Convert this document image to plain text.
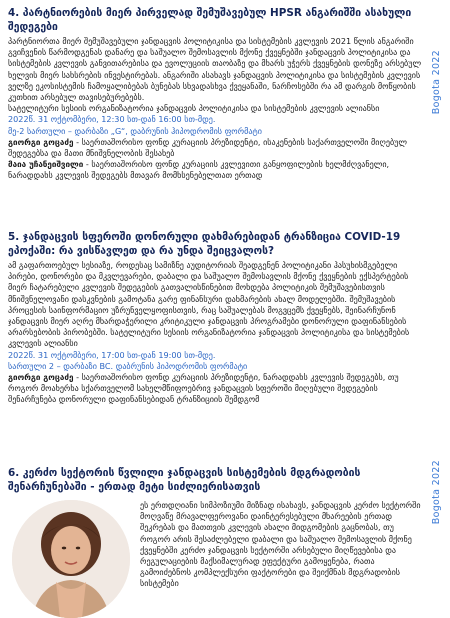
4. პარტნიორების მიერ პირველად შემუშავებულ HPSR ანგარიშში ასახული შედეგები

პარტნიორთა მიერ შემუშავებული ჯანდაცვის პოლიტიკისა და სისტემების კვლევის 2021 წლის ანგარიში გვიჩვენის წარმოდგენას დანარე და საშუალო შემოსავლის მქონე ქვეყნებში ჯანდაცვის პოლიტიკისა და სისტემების კვლევის განვითარებისა და ევოლუციის თაობაზე და მხარს უჭერს ქვეყნების დონეზე არსებულ ხელვის მიერ სახსრების ინვესტირებას. ანგარიში ასახავს ჯანდაცვის პოლიტიკისა და სისტემების კვლევის ველზე ეკოსისტემის ჩამოყალიბებას ბუნებას სხვადასხვა ქვეყანაში, ნარჩოსებში რა ამ დარგის მოწყობის კუთხით არსებულ თავისებურებებს.

სატელიტური სესიის ორგანიზატორია ჯანდაცვის პოლიტიკისა და სისტემების კვლევის ალიანსი

2022წ. 31 ოქტომბერი, 12:30 სთ-დან 16:00 სთ-მდე.

მე-2 სართული – დარბაზი „G“, დაბრუნის ჰიპოდრომის ფორმატი

გიორგი გოცაძე - საერთაშორისო ფონდ კურაციის პრეზიდენტი, ისაკენების საქართველოში მიღებულ შედეგებსა და მათი მნიშვნელობის შესახებ

მაია უჩანეიშვილი - საერთაშორისო ფონდ კურაციის კვლევითი განყოფილების ხელმძღვანელი, ნარადდახს კვლევის შედეგებს მთავარ მომხსენებელთათ ერთად

5. ჯანდაცვის სფეროში დონორული დახმარებიდან ტრანზიცია COVID-19 ეპოქაში: რა ვისწავლეთ და რა უნდა შეიცვალოს?

ამ გაფართოებულ სესიაზე, როდესაც სამიზნე აუდიტორიას შეადგენენ პოლიტიკანი ჰასუხისმგებელი პირები, დონორები და მკვლევარები, დაბალი და საშუალო შემოსავლის მქონე ქვეყნების ექსპერტების მიერ ჩატარებული კვლევის შედეგების გათვალისწინებით მოხდება პოლიტიკის შემუშავებისთვის მნიშვნელოვანი დასკვნების გამოტანა გარე ფინანსური დახმარების ახალ მოდელებში. შემუშავების პროცესის საინფორმაციო უზრუნველყოფისთვის, რაც საშუალებას მოგვცემს ქვეყნებს, შეინარჩუნონ ჯანდაცვის მიერ აღრე მხარდაჭერილი კრიტიკული ჯანდაცვის პროგრამები დონორული დაფინანსების არარსებობის პირობებში. სატელიტური სესიის ორგანიზატორია ჯანდაცვის პოლიტიკისა და სისტემების კვლევის ალიანსი

2022წ. 31 ოქტომბერი, 17:00 სთ-დან 19:00 სთ-მდე.

სართული 2 – დარბაზი BC. დაბრუნის ჰიპოდრომის ფორმატი

გიორგი გოცაძე - საერთაშორისო ფონდ კურაციის პრეზიდენტი, ნარადდახს კვლევის შედეგებს, თუ როგორ მოახერხა სქართველომ სახელმწიფოებრივ ჯანდაცვის სფეროში მიღებული შედეგების შენარჩუნება დონორული დაფინანსებიდან ტრანზიციის შემდგომ

6. კერძო სექტორის წვლილი ჯანდაცვის სისტემების მდგრადობის შენარჩუნებაში - ერთად მეტი სიძლიერისათვის

ეს ერთდღიანი სიმპოზიუმი მიზნად ისახავს, ჯანდაცვის კერძო სექტორში მოღვაწე მრავალფეროვანი დაინტერესებული მხარეების ერთად შეკრებას და მათთვის კვლევის ახალი მიდგომების გაცნობას, თუ როგორ არის შესაძლებელი დაბალი და საშუალო შემოსავლის მქონე ქვეყნებში კერძო ჯანდაცვის სექტორში არსებული მიღწევებისა და რეგულაციების მაქსიმალურად ეფექტური გამოყენება, რათა გამოიძებნოს კომპლექსური ფაქტორები და შეიქმნას მდგრადობის სისტემები

Bogota 2022
Bogota 2022
